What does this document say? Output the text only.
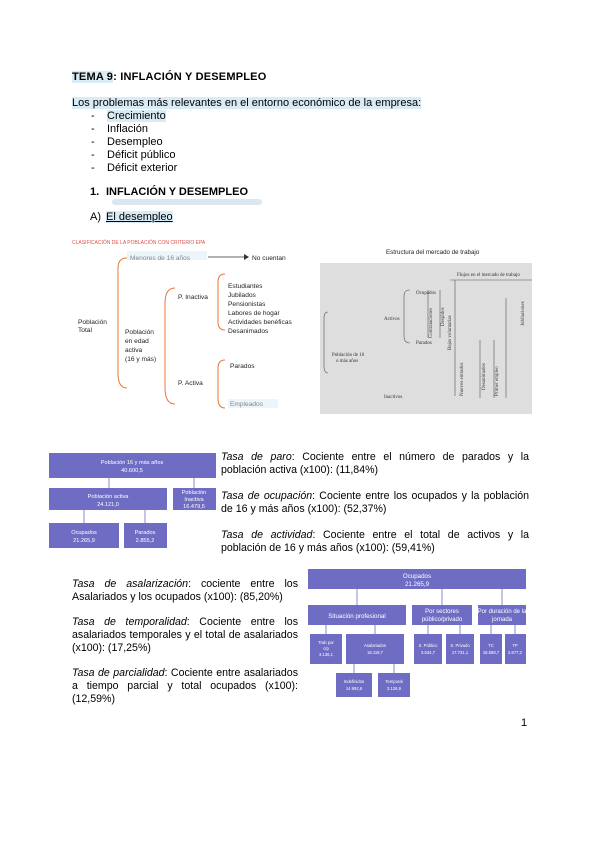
TEMA 9: INFLACIÓN Y DESEMPLEO
Los problemas más relevantes en el entorno económico de la empresa:
- Crecimiento
- Inflación
- Desempleo
- Déficit público
- Déficit exterior
1. INFLACIÓN Y DESEMPLEO
A) El desempleo
CLASIFICACIÓN DE LA POBLACIÓN CON CRITERIO EPA
Población
Total
No cuentan
Población
en edad
activa
(16 y más)
P. Inactiva
Estudiantes
Jubilados
Pensionistas
Labores de hogar
Actividades benéficas
Desanimados
P. Activa
Parados
Estructura del mercado de trabajo
Flujos en el mercado de trabajo
Ocupados
Activos
Parados
Población de 16
o más años
Inactivos
Contrataciones Despidos Bajas voluntarias
Nuevos entrados	Desanimados Primer empleo
Jubilaciones
Población 16 y más años
40.600,5
Población activa
24.121,0
Población
Inactiva
16.479,5
Ocupados
21.265,9
Parados
2.855,2
Tasa de paro: Cociente entre el número de parados y la población activa (x100): (11,84%)
Tasa de ocupación: Cociente entre los ocupados y la población de 16 y más años (x100): (52,37%)
Tasa de actividad: Cociente entre el total de activos y la población de 16 y más años (x100): (59,41%)
Tasa de asalarización: cociente entre los Asalariados y los ocupados (x100): (85,20%)
Tasa de temporalidad: Cociente entre los asalariados temporales y el total de asalariados (x100): (17,25%)
Tasa de parcialidad: Cociente entre asalariados a tiempo parcial y total ocupados (x100): (12,59%)
Ocupados
21.265,9
Situación profesional
Por sectores
público/privado
Por duración de la
jornada
Trab por
c/p
3.136,1
Asalariados
18.119,7
S. Público
3.534,7
S. Privado
17.731,1
TC
18.588,7
TP
2.677,2
Indefinidos
14.992,6
Temporal
3.126,9
1
